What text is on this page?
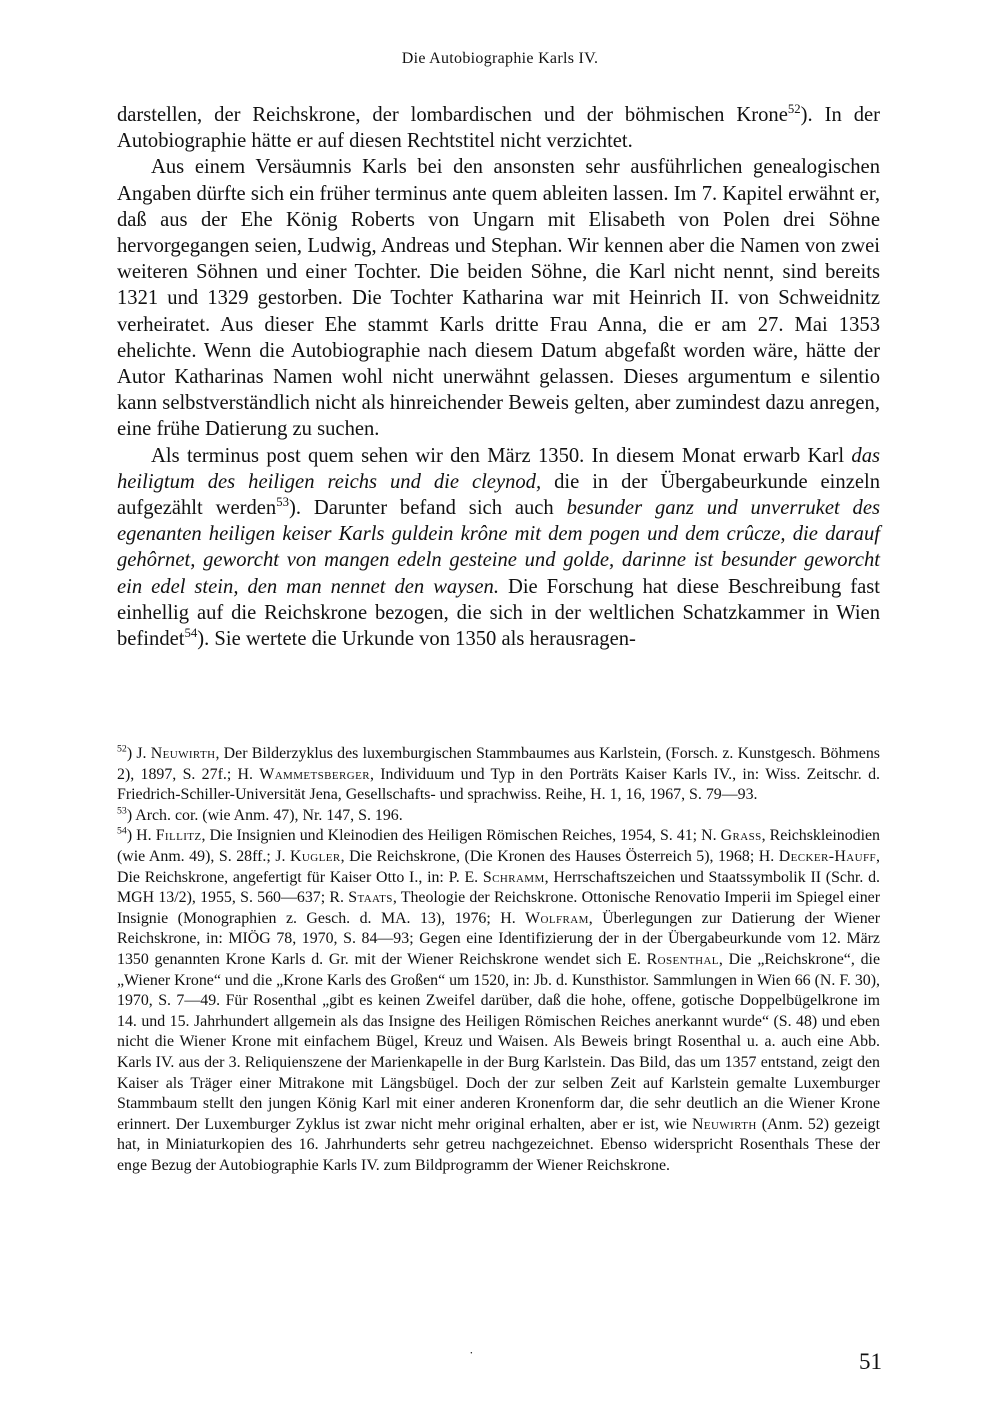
Die Autobiographie Karls IV.

darstellen, der Reichskrone, der lombardischen und der böhmischen Krone$^{52}$). In der Autobiographie hätte er auf diesen Rechtstitel nicht verzichtet.

Aus einem Versäumnis Karls bei den ansonsten sehr ausführlichen genealogischen Angaben dürfte sich ein früher terminus ante quem ableiten lassen. Im 7. Kapitel erwähnt er, daß aus der Ehe König Roberts von Ungarn mit Elisabeth von Polen drei Söhne hervorgegangen seien, Ludwig, Andreas und Stephan. Wir kennen aber die Namen von zwei weiteren Söhnen und einer Tochter. Die beiden Söhne, die Karl nicht nennt, sind bereits 1321 und 1329 gestorben. Die Tochter Katharina war mit Heinrich II. von Schweidnitz verheiratet. Aus dieser Ehe stammt Karls dritte Frau Anna, die er am 27. Mai 1353 ehelichte. Wenn die Autobiographie nach diesem Datum abgefaßt worden wäre, hätte der Autor Katharinas Namen wohl nicht unerwähnt gelassen. Dieses argumentum e silentio kann selbstverständlich nicht als hinreichender Beweis gelten, aber zumindest dazu anregen, eine frühe Datierung zu suchen.

Als terminus post quem sehen wir den März 1350. In diesem Monat erwarb Karl das heiligtum des heiligen reichs und die cleynod, die in der Übergabeurkunde einzeln aufgezählt werden$^{53}$). Darunter befand sich auch besunder ganz und unverruket des egenanten heiligen keiser Karls guldein krône mit dem pogen und dem crûcze, die darauf gehôrnet, geworcht von mangen edeln gesteine und golde, darinne ist besunder geworcht ein edel stein, den man nennet den waysen. Die Forschung hat diese Beschreibung fast einhellig auf die Reichskrone bezogen, die sich in der weltlichen Schatzkammer in Wien befindet$^{54}$). Sie wertete die Urkunde von 1350 als herausragen-

$^{52}$) J. Neuwirth, Der Bilderzyklus des luxemburgischen Stammbaumes aus Karlstein, (Forsch. z. Kunstgesch. Böhmens 2), 1897, S. 27f.; H. Wammetsberger, Individuum und Typ in den Porträts Kaiser Karls IV., in: Wiss. Zeitschr. d. Friedrich-Schiller-Universität Jena, Gesellschafts- und sprachwiss. Reihe, H. 1, 16, 1967, S. 79—93.

$^{53}$) Arch. cor. (wie Anm. 47), Nr. 147, S. 196.

$^{54}$) H. Fillitz, Die Insignien und Kleinodien des Heiligen Römischen Reiches, 1954, S. 41; N. Grass, Reichskleinodien (wie Anm. 49), S. 28ff.; J. Kugler, Die Reichskrone, (Die Kronen des Hauses Österreich 5), 1968; H. Decker-Hauff, Die Reichskrone, angefertigt für Kaiser Otto I., in: P. E. Schramm, Herrschaftszeichen und Staatssymbolik II (Schr. d. MGH 13/2), 1955, S. 560—637; R. Staats, Theologie der Reichskrone. Ottonische Renovatio Imperii im Spiegel einer Insignie (Monographien z. Gesch. d. MA. 13), 1976; H. Wolfram, Überlegungen zur Datierung der Wiener Reichskrone, in: MIÖG 78, 1970, S. 84—93; Gegen eine Identifizierung der in der Übergabeurkunde vom 12. März 1350 genannten Krone Karls d. Gr. mit der Wiener Reichskrone wendet sich E. Rosenthal, Die „Reichskrone“, die „Wiener Krone“ und die „Krone Karls des Großen“ um 1520, in: Jb. d. Kunsthistor. Sammlungen in Wien 66 (N. F. 30), 1970, S. 7—49. Für Rosenthal „gibt es keinen Zweifel darüber, daß die hohe, offene, gotische Doppelbügelkrone im 14. und 15. Jahrhundert allgemein als das Insigne des Heiligen Römischen Reiches anerkannt wurde“ (S. 48) und eben nicht die Wiener Krone mit einfachem Bügel, Kreuz und Waisen. Als Beweis bringt Rosenthal u. a. auch eine Abb. Karls IV. aus der 3. Reliquienszene der Marienkapelle in der Burg Karlstein. Das Bild, das um 1357 entstand, zeigt den Kaiser als Träger einer Mitrakone mit Längsbügel. Doch der zur selben Zeit auf Karlstein gemalte Luxemburger Stammbaum stellt den jungen König Karl mit einer anderen Kronenform dar, die sehr deutlich an die Wiener Krone erinnert. Der Luxemburger Zyklus ist zwar nicht mehr original erhalten, aber er ist, wie Neuwirth (Anm. 52) gezeigt hat, in Miniaturkopien des 16. Jahrhunderts sehr getreu nachgezeichnet. Ebenso widerspricht Rosenthals These der enge Bezug der Autobiographie Karls IV. zum Bildprogramm der Wiener Reichskrone.

˙	51
